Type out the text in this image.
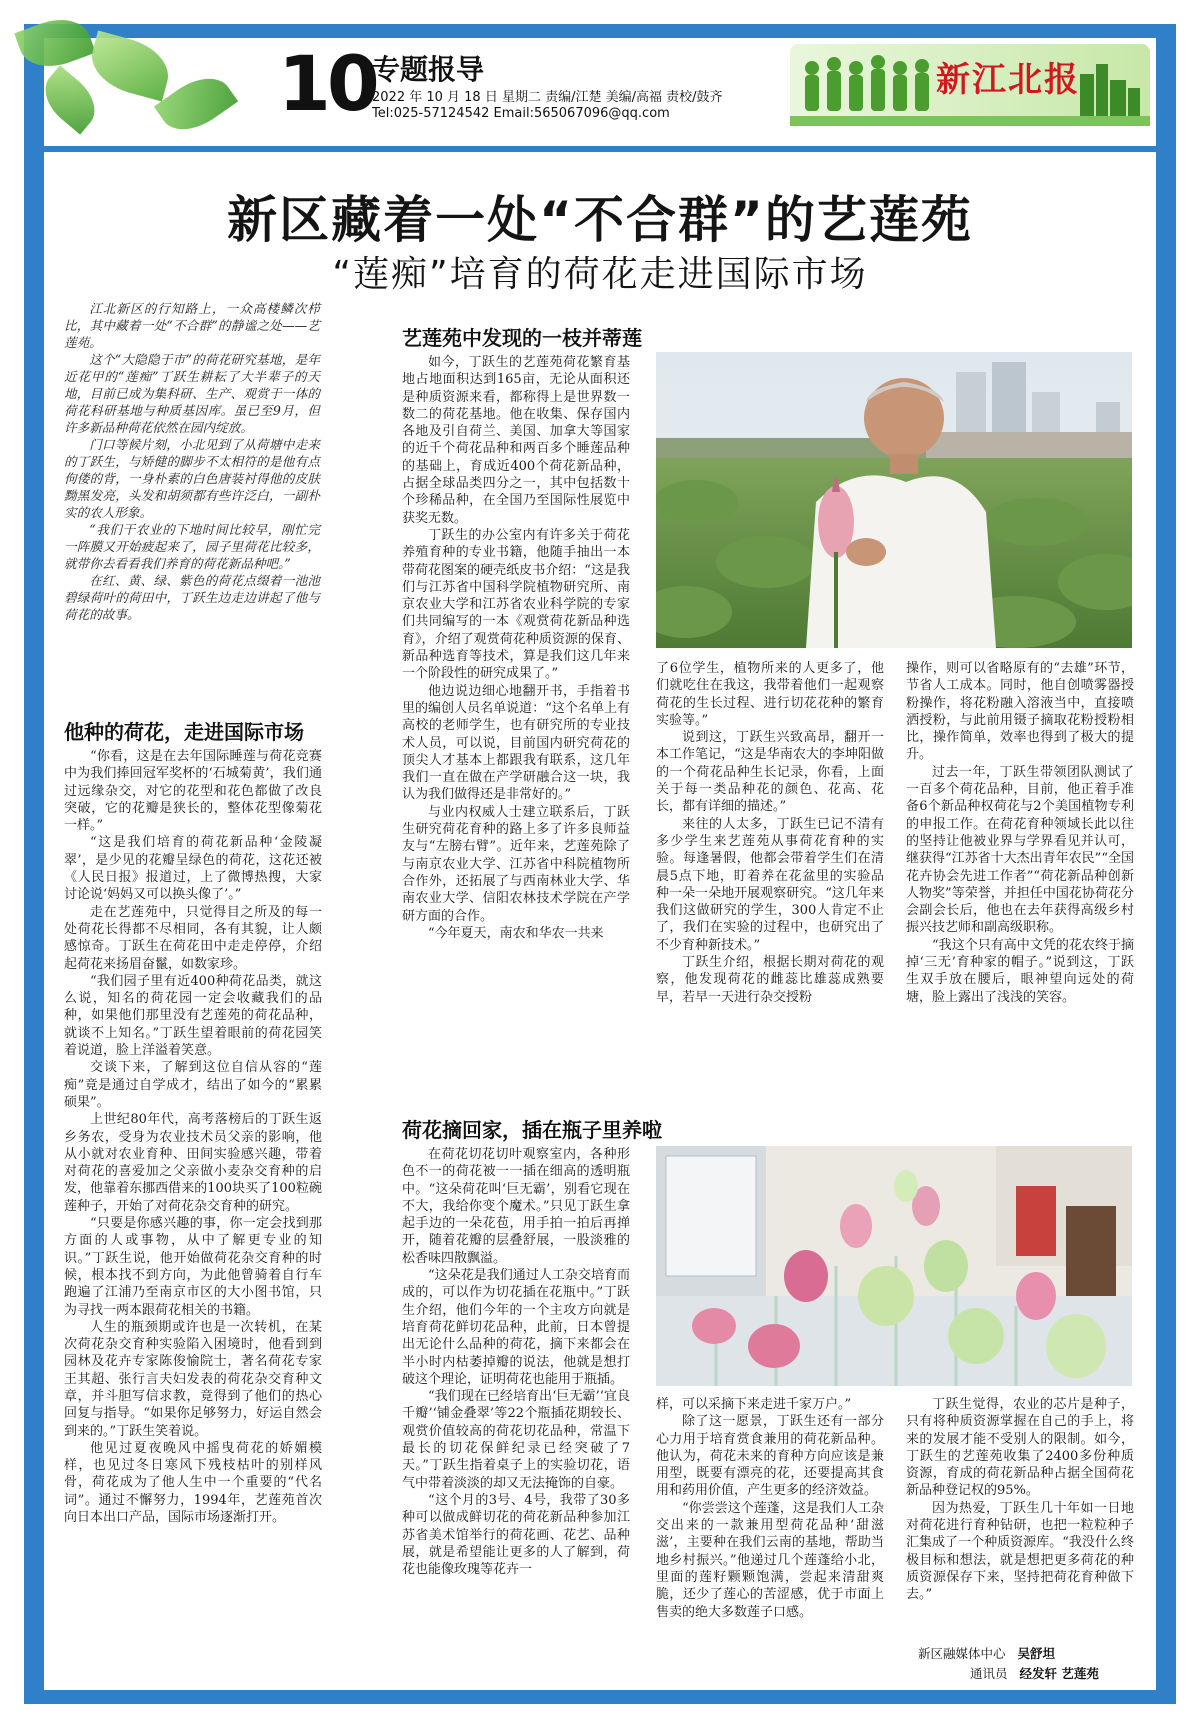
10
专题报导
2022 年 10 月 18 日 星期二 责编/江楚 美编/高福 责校/鼓齐
Tel:025-57124542 Email:565067096@qq.com
新江北报
新区藏着一处“不合群”的艺莲苑
“莲痴”培育的荷花走进国际市场

江北新区的行知路上，一众高楼鳞次栉比，其中藏着一处“不合群”的静谧之处——艺莲苑。

这个“大隐隐于市”的荷花研究基地，是年近花甲的“莲痴”丁跃生耕耘了大半辈子的天地，目前已成为集科研、生产、观赏于一体的荷花科研基地与种质基因库。虽已至9月，但许多新品种荷花依然在园内绽放。

门口等候片刻，小北见到了从荷塘中走来的丁跃生，与矫健的脚步不太相符的是他有点佝偻的背，一身朴素的白色唐装衬得他的皮肤黝黑发亮，头发和胡须都有些许泛白，一副朴实的农人形象。

“我们干农业的下地时间比较早，刚忙完一阵膜又开始疲起来了，园子里荷花比较多，就带你去看看我们养育的荷花新品种吧。”

在红、黄、绿、紫色的荷花点缀着一池池碧绿荷叶的荷田中，丁跃生边走边讲起了他与荷花的故事。

他种的荷花，走进国际市场

“你看，这是在去年国际睡莲与荷花竞赛中为我们捧回冠军奖杯的‘石城菊黄’，我们通过远缘杂交，对它的花型和花色都做了改良突破，它的花瓣是狭长的，整体花型像菊花一样。”

“这是我们培育的荷花新品种‘金陵凝翠’，是少见的花瓣呈绿色的荷花，这花还被《人民日报》报道过，上了微博热搜，大家讨论说‘妈妈又可以换头像了’。”

走在艺莲苑中，只觉得目之所及的每一处荷花长得都不尽相同，各有其貌，让人颇感惊奇。丁跃生在荷花田中走走停停，介绍起荷花来扬眉奋鬣，如数家珍。

“我们园子里有近400种荷花品类，就这么说，知名的荷花园一定会收藏我们的品种，如果他们那里没有艺莲苑的荷花品种，就谈不上知名。”丁跃生望着眼前的荷花园笑着说道，脸上洋溢着笑意。

交谈下来，了解到这位自信从容的“莲痴”竟是通过自学成才，结出了如今的“累累硕果”。

上世纪80年代，高考落榜后的丁跃生返乡务农，受身为农业技术员父亲的影响，他从小就对农业育种、田间实验感兴趣，带着对荷花的喜爱加之父亲做小麦杂交育种的启发，他靠着东挪西借来的100块买了100粒碗莲种子，开始了对荷花杂交育种的研究。

“只要是你感兴趣的事，你一定会找到那方面的人或事物，从中了解更专业的知识。”丁跃生说，他开始做荷花杂交育种的时候，根本找不到方向，为此他曾骑着自行车跑遍了江浦乃至南京市区的大小图书馆，只为寻找一两本跟荷花相关的书籍。

人生的瓶颈期或许也是一次转机，在某次荷花杂交育种实验陷入困境时，他看到到园林及花卉专家陈俊愉院士，著名荷花专家王其超、张行言夫妇发表的荷花杂交育种文章，并斗胆写信求教，竟得到了他们的热心回复与指导。“如果你足够努力，好运自然会到来的。”丁跃生笑着说。

他见过夏夜晚风中摇曳荷花的娇媚模样，也见过冬日寒风下残枝枯叶的别样风骨，荷花成为了他人生中一个重要的“代名词”。通过不懈努力，1994年，艺莲苑首次向日本出口产品，国际市场逐渐打开。

艺莲苑中发现的一枝并蒂莲

如今，丁跃生的艺莲苑荷花繁育基地占地面积达到165亩，无论从面积还是种质资源来看，都称得上是世界数一数二的荷花基地。他在收集、保存国内各地及引自荷兰、美国、加拿大等国家的近千个荷花品种和两百多个睡莲品种的基础上，育成近400个荷花新品种，占据全球品类四分之一，其中包括数十个珍稀品种，在全国乃至国际性展览中获奖无数。

丁跃生的办公室内有许多关于荷花养殖育种的专业书籍，他随手抽出一本带荷花图案的硬壳纸皮书介绍：“这是我们与江苏省中国科学院植物研究所、南京农业大学和江苏省农业科学院的专家们共同编写的一本《观赏荷花新品种选育》，介绍了观赏荷花种质资源的保育、新品种选育等技术，算是我们这几年来一个阶段性的研究成果了。”

他边说边细心地翻开书，手指着书里的编创人员名单说道：“这个名单上有高校的老师学生，也有研究所的专业技术人员，可以说，目前国内研究荷花的顶尖人才基本上都跟我有联系，这几年我们一直在做在产学研融合这一块，我认为我们做得还是非常好的。”

与业内权威人士建立联系后，丁跃生研究荷花育种的路上多了许多良师益友与“左膀右臂”。近年来，艺莲苑除了与南京农业大学、江苏省中科院植物所合作外，还拓展了与西南林业大学、华南农业大学、信阳农林技术学院在产学研方面的合作。

“今年夏天，南农和华农一共来

了6位学生，植物所来的人更多了，他们就吃住在我这，我带着他们一起观察荷花的生长过程、进行切花花种的繁育实验等。”

说到这，丁跃生兴致高昂，翻开一本工作笔记，“这是华南农大的李坤阳做的一个荷花品种生长记录，你看，上面关于每一类品种花的颜色、花高、花长，都有详细的描述。”

来往的人太多，丁跃生已记不清有多少学生来艺莲苑从事荷花育种的实验。每逢暑假，他都会带着学生们在清晨5点下地，盯着养在花盆里的实验品种一朵一朵地开展观察研究。“这几年来我们这做研究的学生，300人肯定不止了，我们在实验的过程中，也研究出了不少育种新技术。”

丁跃生介绍，根据长期对荷花的观察，他发现荷花的雌蕊比雄蕊成熟要早，若早一天进行杂交授粉

操作，则可以省略原有的“去雄”环节，节省人工成本。同时，他自创喷雾器授粉操作，将花粉融入溶液当中，直接喷洒授粉，与此前用镊子摘取花粉授粉相比，操作简单，效率也得到了极大的提升。

过去一年，丁跃生带领团队测试了一百多个荷花品种，目前，他正着手准备6个新品种权荷花与2个美国植物专利的申报工作。在荷花育种领域长此以往的坚持让他被业界与学界看见并认可，继获得“江苏省十大杰出青年农民”“全国花卉协会先进工作者”“荷花新品种创新人物奖”等荣誉，并担任中国花协荷花分会副会长后，他也在去年获得高级乡村振兴技艺师和副高级职称。

“我这个只有高中文凭的花农终于摘掉‘三无’育种家的帽子。”说到这，丁跃生双手放在腰后，眼神望向远处的荷塘，脸上露出了浅浅的笑容。

荷花摘回家，插在瓶子里养啦

在荷花切花切叶观察室内，各种形色不一的荷花被一一插在细高的透明瓶中。“这朵荷花叫‘巨无霸’，别看它现在不大，我给你变个魔术。”只见丁跃生拿起手边的一朵花苞，用手拍一拍后再掸开，随着花瓣的层叠舒展，一股淡雅的松香味四散飘溢。

“这朵花是我们通过人工杂交培育而成的，可以作为切花插在花瓶中。”丁跃生介绍，他们今年的一个主攻方向就是培育荷花鲜切花品种，此前，日本曾提出无论什么品种的荷花，摘下来都会在半小时内枯萎掉瓣的说法，他就是想打破这个理论，证明荷花也能用于瓶插。

“我们现在已经培育出‘巨无霸’‘宜良千瓣’‘铺金叠翠’等22个瓶插花期较长、观赏价值较高的荷花切花品种，常温下最长的切花保鲜纪录已经突破了7天。”丁跃生指着桌子上的实验切花，语气中带着淡淡的却又无法掩饰的自豪。

“这个月的3号、4号，我带了30多种可以做成鲜切花的荷花新品种参加江苏省美术馆举行的荷花画、花艺、品种展，就是希望能让更多的人了解到，荷花也能像玫瑰等花卉一

样，可以采摘下来走进千家万户。”

除了这一愿景，丁跃生还有一部分心力用于培育赏食兼用的荷花新品种。他认为，荷花未来的育种方向应该是兼用型，既要有漂亮的花，还要提高其食用和药用价值，产生更多的经济效益。

“你尝尝这个莲蓬，这是我们人工杂交出来的一款兼用型荷花品种‘甜滋滋’，主要种在我们云南的基地，帮助当地乡村振兴。”他递过几个莲蓬给小北，里面的莲籽颗颗饱满，尝起来清甜爽脆，还少了莲心的苦涩感，优于市面上售卖的绝大多数莲子口感。

丁跃生觉得，农业的芯片是种子，只有将种质资源掌握在自己的手上，将来的发展才能不受别人的限制。如今，丁跃生的艺莲苑收集了2400多份种质资源，育成的荷花新品种占据全国荷花新品种登记权的95%。

因为热爱，丁跃生几十年如一日地对荷花进行育种钻研，也把一粒粒种子汇集成了一个种质资源库。“我没什么终极目标和想法，就是想把更多荷花的种质资源保存下来，坚持把荷花育种做下去。”

新区融媒体中心 吴舒坦
通讯员 经发轩 艺莲苑
